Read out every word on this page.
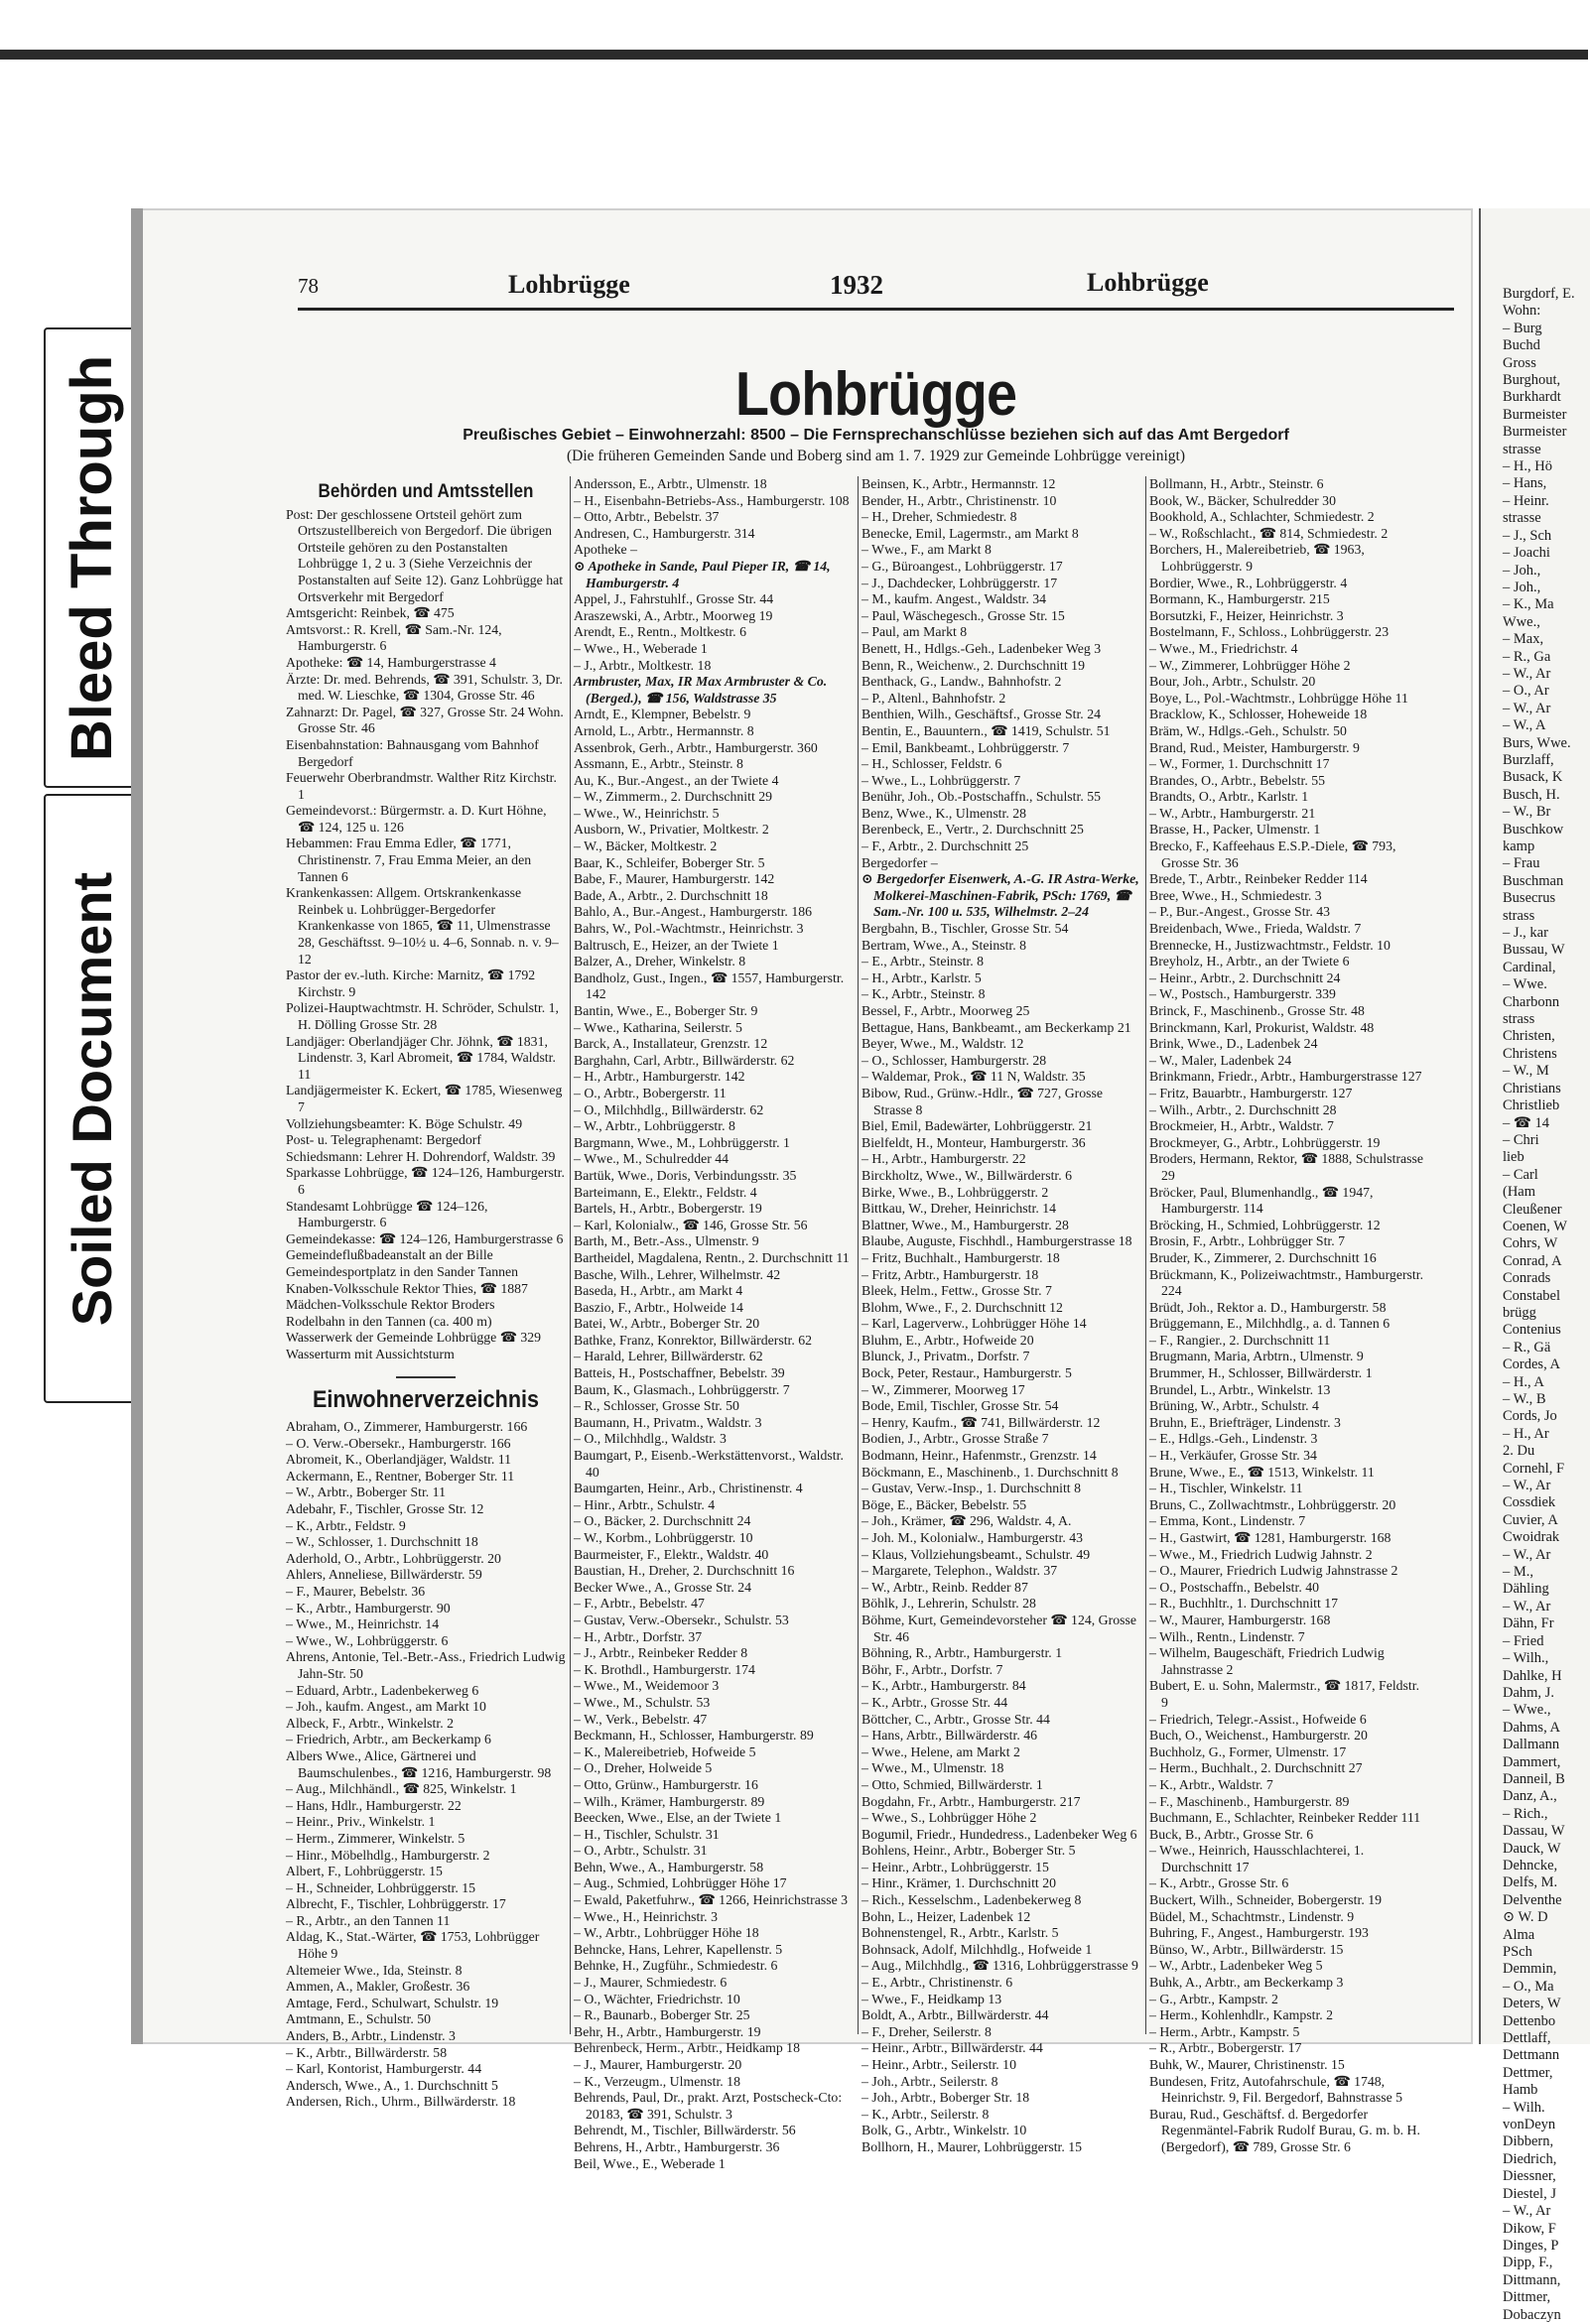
Bleed Through
Soiled Document
Burgdorf, E.
Wohn:
– Burg
Buchd
Gross
Burghout,
Burkhardt
Burmeister
Burmeister
strasse
– H., Hö
– Hans,
– Heinr.
strasse
– J., Sch
– Joachi
– Joh.,
– Joh.,
– K., Ma
Wwe.,
– Max,
– R., Ga
– W., Ar
– O., Ar
– W., Ar
– W., A
Burs, Wwe.
Burzlaff,
Busack, K
Busch, H.
– W., Br
Buschkow
kamp
– Frau
Buschman
Busecrus
strass
– J., kar
Bussau, W
Cardinal,
– Wwe.
Charbonn
strass
Christen,
Christens
– W., M
Christians
Christlieb
– ☎ 14
– Chri
lieb
– Carl
(Ham
Cleußener
Coenen, W
Cohrs, W
Conrad, A
Conrads
Constabel
brügg
Contenius
– R., Gä
Cordes, A
– H., A
– W., B
Cords, Jo
– H., Ar
2. Du
Cornehl, F
– W., Ar
Cossdiek
Cuvier, A
Cwoidrak
– W., Ar
– M.,
Dähling
– W., Ar
Dähn, Fr
– Fried
– Wilh.,
Dahlke, H
Dahm, J.
– Wwe.,
Dahms, A
Dallmann
Dammert,
Danneil, B
Danz, A.,
– Rich.,
Dassau, W
Dauck, W
Dehncke,
Delfs, M.
Delventhe
⊙ W. D
Alma
PSch
Demmin,
– O., Ma
Deters, W
Dettenbo
Dettlaff,
Dettmann
Dettmer,
Hamb
– Wilh.
vonDeyn
Dibbern,
Diedrich,
Diessner,
Diestel, J
– W., Ar
Dikow, F
Dinges, P
Dipp, F.,
Dittmann,
Dittmer,
Dobaczyn
78	Lohbrügge	1932	Lohbrügge
Lohbrügge
Preußisches Gebiet – Einwohnerzahl: 8500 – Die Fernsprechanschlüsse beziehen sich auf das Amt Bergedorf
(Die früheren Gemeinden Sande und Boberg sind am 1. 7. 1929 zur Gemeinde Lohbrügge vereinigt)
Behörden und Amtsstellen

Post: Der geschlossene Ortsteil gehört zum Ortszustellbereich von Bergedorf. Die übrigen Ortsteile gehören zu den Postanstalten Lohbrügge 1, 2 u. 3 (Siehe Verzeichnis der Postanstalten auf Seite 12). Ganz Lohbrügge hat Ortsverkehr mit Bergedorf

Amtsgericht: Reinbek, ☎ 475

Amtsvorst.: R. Krell, ☎ Sam.-Nr. 124, Hamburgerstr. 6

Apotheke: ☎ 14, Hamburgerstrasse 4

Ärzte: Dr. med. Behrends, ☎ 391, Schulstr. 3, Dr. med. W. Lieschke, ☎ 1304, Grosse Str. 46

Zahnarzt: Dr. Pagel, ☎ 327, Grosse Str. 24 Wohn. Grosse Str. 46

Eisenbahnstation: Bahnausgang vom Bahnhof Bergedorf

Feuerwehr Oberbrandmstr. Walther Ritz Kirchstr. 1

Gemeindevorst.: Bürgermstr. a. D. Kurt Höhne, ☎ 124, 125 u. 126

Hebammen: Frau Emma Edler, ☎ 1771, Christinenstr. 7, Frau Emma Meier, an den Tannen 6

Krankenkassen: Allgem. Ortskrankenkasse Reinbek u. Lohbrügger-Bergedorfer Krankenkasse von 1865, ☎ 11, Ulmenstrasse 28, Geschäftsst. 9–10½ u. 4–6, Sonnab. n. v. 9–12

Pastor der ev.-luth. Kirche: Marnitz, ☎ 1792 Kirchstr. 9

Polizei-Hauptwachtmstr. H. Schröder, Schulstr. 1, H. Dölling Grosse Str. 28

Landjäger: Oberlandjäger Chr. Jöhnk, ☎ 1831, Lindenstr. 3, Karl Abromeit, ☎ 1784, Waldstr. 11

Landjägermeister K. Eckert, ☎ 1785, Wiesenweg 7

Vollziehungsbeamter: K. Böge Schulstr. 49

Post- u. Telegraphenamt: Bergedorf

Schiedsmann: Lehrer H. Dohrendorf, Waldstr. 39

Sparkasse Lohbrügge, ☎ 124–126, Hamburgerstr. 6

Standesamt Lohbrügge ☎ 124–126, Hamburgerstr. 6

Gemeindekasse: ☎ 124–126, Hamburgerstrasse 6

Gemeindeflußbadeanstalt an der Bille

Gemeindesportplatz in den Sander Tannen

Knaben-Volksschule Rektor Thies, ☎ 1887

Mädchen-Volksschule Rektor Broders

Rodelbahn in den Tannen (ca. 400 m)

Wasserwerk der Gemeinde Lohbrügge ☎ 329

Wasserturm mit Aussichtsturm

Einwohnerverzeichnis

Abraham, O., Zimmerer, Hamburgerstr. 166

– O. Verw.-Obersekr., Hamburgerstr. 166

Abromeit, K., Oberlandjäger, Waldstr. 11

Ackermann, E., Rentner, Boberger Str. 11

– W., Arbtr., Boberger Str. 11

Adebahr, F., Tischler, Grosse Str. 12

– K., Arbtr., Feldstr. 9

– W., Schlosser, 1. Durchschnitt 18

Aderhold, O., Arbtr., Lohbrüggerstr. 20

Ahlers, Anneliese, Billwärderstr. 59

– F., Maurer, Bebelstr. 36

– K., Arbtr., Hamburgerstr. 90

– Wwe., M., Heinrichstr. 14

– Wwe., W., Lohbrüggerstr. 6

Ahrens, Antonie, Tel.-Betr.-Ass., Friedrich Ludwig Jahn-Str. 50

– Eduard, Arbtr., Ladenbekerweg 6

– Joh., kaufm. Angest., am Markt 10

Albeck, F., Arbtr., Winkelstr. 2

– Friedrich, Arbtr., am Beckerkamp 6

Albers Wwe., Alice, Gärtnerei und Baumschulenbes., ☎ 1216, Hamburgerstr. 98

– Aug., Milchhändl., ☎ 825, Winkelstr. 1

– Hans, Hdlr., Hamburgerstr. 22

– Heinr., Priv., Winkelstr. 1

– Herm., Zimmerer, Winkelstr. 5

– Hinr., Möbelhdlg., Hamburgerstr. 2

Albert, F., Lohbrüggerstr. 15

– H., Schneider, Lohbrüggerstr. 15

Albrecht, F., Tischler, Lohbrüggerstr. 17

– R., Arbtr., an den Tannen 11

Aldag, K., Stat.-Wärter, ☎ 1753, Lohbrügger Höhe 9

Altemeier Wwe., Ida, Steinstr. 8

Ammen, A., Makler, Großestr. 36

Amtage, Ferd., Schulwart, Schulstr. 19

Amtmann, E., Schulstr. 50

Anders, B., Arbtr., Lindenstr. 3

– K., Arbtr., Billwärderstr. 58

– Karl, Kontorist, Hamburgerstr. 44

Andersch, Wwe., A., 1. Durchschnitt 5

Andersen, Rich., Uhrm., Billwärderstr. 18

Andersson, E., Arbtr., Ulmenstr. 18

– H., Eisenbahn-Betriebs-Ass., Hamburgerstr. 108

– Otto, Arbtr., Bebelstr. 37

Andresen, C., Hamburgerstr. 314

Apotheke –

⊙ Apotheke in Sande, Paul Pieper IR, ☎ 14, Hamburgerstr. 4

Appel, J., Fahrstuhlf., Grosse Str. 44

Araszewski, A., Arbtr., Moorweg 19

Arendt, E., Rentn., Moltkestr. 6

– Wwe., H., Weberade 1

– J., Arbtr., Moltkestr. 18

Armbruster, Max, IR Max Armbruster & Co. (Berged.), ☎ 156, Waldstrasse 35

Arndt, E., Klempner, Bebelstr. 9

Arnold, L., Arbtr., Hermannstr. 8

Assenbrok, Gerh., Arbtr., Hamburgerstr. 360

Assmann, E., Arbtr., Steinstr. 8

Au, K., Bur.-Angest., an der Twiete 4

– W., Zimmerm., 2. Durchschnitt 29

– Wwe., W., Heinrichstr. 5

Ausborn, W., Privatier, Moltkestr. 2

– W., Bäcker, Moltkestr. 2

Baar, K., Schleifer, Boberger Str. 5

Babe, F., Maurer, Hamburgerstr. 142

Bade, A., Arbtr., 2. Durchschnitt 18

Bahlo, A., Bur.-Angest., Hamburgerstr. 186

Bahrs, W., Pol.-Wachtmstr., Heinrichstr. 3

Baltrusch, E., Heizer, an der Twiete 1

Balzer, A., Dreher, Winkelstr. 8

Bandholz, Gust., Ingen., ☎ 1557, Hamburgerstr. 142

Bantin, Wwe., E., Boberger Str. 9

– Wwe., Katharina, Seilerstr. 5

Barck, A., Installateur, Grenzstr. 12

Barghahn, Carl, Arbtr., Billwärderstr. 62

– H., Arbtr., Hamburgerstr. 142

– O., Arbtr., Bobergerstr. 11

– O., Milchhdlg., Billwärderstr. 62

– W., Arbtr., Lohbrüggerstr. 8

Bargmann, Wwe., M., Lohbrüggerstr. 1

– Wwe., M., Schulredder 44

Bartük, Wwe., Doris, Verbindungsstr. 35

Barteimann, E., Elektr., Feldstr. 4

Bartels, H., Arbtr., Bobergerstr. 19

– Karl, Kolonialw., ☎ 146, Grosse Str. 56

Barth, M., Betr.-Ass., Ulmenstr. 9

Bartheidel, Magdalena, Rentn., 2. Durchschnitt 11

Basche, Wilh., Lehrer, Wilhelmstr. 42

Baseda, H., Arbtr., am Markt 4

Baszio, F., Arbtr., Holweide 14

Batei, W., Arbtr., Boberger Str. 20

Bathke, Franz, Konrektor, Billwärderstr. 62

– Harald, Lehrer, Billwärderstr. 62

Batteis, H., Postschaffner, Bebelstr. 39

Baum, K., Glasmach., Lohbrüggerstr. 7

– R., Schlosser, Grosse Str. 50

Baumann, H., Privatm., Waldstr. 3

– O., Milchhdlg., Waldstr. 3

Baumgart, P., Eisenb.-Werkstättenvorst., Waldstr. 40

Baumgarten, Heinr., Arb., Christinenstr. 4

– Hinr., Arbtr., Schulstr. 4

– O., Bäcker, 2. Durchschnitt 24

– W., Korbm., Lohbrüggerstr. 10

Baurmeister, F., Elektr., Waldstr. 40

Baustian, H., Dreher, 2. Durchschnitt 16

Becker Wwe., A., Grosse Str. 24

– F., Arbtr., Bebelstr. 47

– Gustav, Verw.-Obersekr., Schulstr. 53

– H., Arbtr., Dorfstr. 37

– J., Arbtr., Reinbeker Redder 8

– K. Brothdl., Hamburgerstr. 174

– Wwe., M., Weidemoor 3

– Wwe., M., Schulstr. 53

– W., Verk., Bebelstr. 47

Beckmann, H., Schlosser, Hamburgerstr. 89

– K., Malereibetrieb, Hofweide 5

– O., Dreher, Holweide 5

– Otto, Grünw., Hamburgerstr. 16

– Wilh., Krämer, Hamburgerstr. 89

Beecken, Wwe., Else, an der Twiete 1

– H., Tischler, Schulstr. 31

– O., Arbtr., Schulstr. 31

Behn, Wwe., A., Hamburgerstr. 58

– Aug., Schmied, Lohbrügger Höhe 17

– Ewald, Paketfuhrw., ☎ 1266, Heinrichstrasse 3

– Wwe., H., Heinrichstr. 3

– W., Arbtr., Lohbrügger Höhe 18

Behncke, Hans, Lehrer, Kapellenstr. 5

Behnke, H., Zugführ., Schmiedestr. 6

– J., Maurer, Schmiedestr. 6

– O., Wächter, Friedrichstr. 10

– R., Baunarb., Boberger Str. 25

Behr, H., Arbtr., Hamburgerstr. 19

Behrenbeck, Herm., Arbtr., Heidkamp 18

– J., Maurer, Hamburgerstr. 20

– K., Verzeugm., Ulmenstr. 18

Behrends, Paul, Dr., prakt. Arzt, Postscheck-Cto: 20183, ☎ 391, Schulstr. 3

Behrendt, M., Tischler, Billwärderstr. 56

Behrens, H., Arbtr., Hamburgerstr. 36

Beil, Wwe., E., Weberade 1

Beinsen, K., Arbtr., Hermannstr. 12

Bender, H., Arbtr., Christinenstr. 10

– H., Dreher, Schmiedestr. 8

Benecke, Emil, Lagermstr., am Markt 8

– Wwe., F., am Markt 8

– G., Büroangest., Lohbrüggerstr. 17

– J., Dachdecker, Lohbrüggerstr. 17

– M., kaufm. Angest., Waldstr. 34

– Paul, Wäschegesch., Grosse Str. 15

– Paul, am Markt 8

Benett, H., Hdlgs.-Geh., Ladenbeker Weg 3

Benn, R., Weichenw., 2. Durchschnitt 19

Benthack, G., Landw., Bahnhofstr. 2

– P., Altenl., Bahnhofstr. 2

Benthien, Wilh., Geschäftsf., Grosse Str. 24

Bentin, E., Bauuntern., ☎ 1419, Schulstr. 51

– Emil, Bankbeamt., Lohbrüggerstr. 7

– H., Schlosser, Feldstr. 6

– Wwe., L., Lohbrüggerstr. 7

Benühr, Joh., Ob.-Postschaffn., Schulstr. 55

Benz, Wwe., K., Ulmenstr. 28

Berenbeck, E., Vertr., 2. Durchschnitt 25

– F., Arbtr., 2. Durchschnitt 25

Bergedorfer –

⊙ Bergedorfer Eisenwerk, A.-G. IR Astra-Werke, Molkerei-Maschinen-Fabrik, PSch: 1769, ☎ Sam.-Nr. 100 u. 535, Wilhelmstr. 2–24

Bergbahn, B., Tischler, Grosse Str. 54

Bertram, Wwe., A., Steinstr. 8

– E., Arbtr., Steinstr. 8

– H., Arbtr., Karlstr. 5

– K., Arbtr., Steinstr. 8

Bessel, F., Arbtr., Moorweg 25

Bettague, Hans, Bankbeamt., am Beckerkamp 21

Beyer, Wwe., M., Waldstr. 12

– O., Schlosser, Hamburgerstr. 28

– Waldemar, Prok., ☎ 11 N, Waldstr. 35

Bibow, Rud., Grünw.-Hdlr., ☎ 727, Grosse Strasse 8

Biel, Emil, Badewärter, Lohbrüggerstr. 21

Bielfeldt, H., Monteur, Hamburgerstr. 36

– H., Arbtr., Hamburgerstr. 22

Birckholtz, Wwe., W., Billwärderstr. 6

Birke, Wwe., B., Lohbrüggerstr. 2

Bittkau, W., Dreher, Heinrichstr. 14

Blattner, Wwe., M., Hamburgerstr. 28

Blaube, Auguste, Fischhdl., Hamburgerstrasse 18

– Fritz, Buchhalt., Hamburgerstr. 18

– Fritz, Arbtr., Hamburgerstr. 18

Bleek, Helm., Fettw., Grosse Str. 7

Blohm, Wwe., F., 2. Durchschnitt 12

– Karl, Lagerverw., Lohbrügger Höhe 14

Bluhm, E., Arbtr., Hofweide 20

Blunck, J., Privatm., Dorfstr. 7

Bock, Peter, Restaur., Hamburgerstr. 5

– W., Zimmerer, Moorweg 17

Bode, Emil, Tischler, Grosse Str. 54

– Henry, Kaufm., ☎ 741, Billwärderstr. 12

Bodien, J., Arbtr., Grosse Straße 7

Bodmann, Heinr., Hafenmstr., Grenzstr. 14

Böckmann, E., Maschinenb., 1. Durchschnitt 8

– Gustav, Verw.-Insp., 1. Durchschnitt 8

Böge, E., Bäcker, Bebelstr. 55

– Joh., Krämer, ☎ 296, Waldstr. 4, A.

– Joh. M., Kolonialw., Hamburgerstr. 43

– Klaus, Vollziehungsbeamt., Schulstr. 49

– Margarete, Telephon., Waldstr. 37

– W., Arbtr., Reinb. Redder 87

Böhlk, J., Lehrerin, Schulstr. 28

Böhme, Kurt, Gemeindevorsteher ☎ 124, Grosse Str. 46

Böhning, R., Arbtr., Hamburgerstr. 1

Böhr, F., Arbtr., Dorfstr. 7

– K., Arbtr., Hamburgerstr. 84

– K., Arbtr., Grosse Str. 44

Böttcher, C., Arbtr., Grosse Str. 44

– Hans, Arbtr., Billwärderstr. 46

– Wwe., Helene, am Markt 2

– Wwe., M., Ulmenstr. 18

– Otto, Schmied, Billwärderstr. 1

Bogdahn, Fr., Arbtr., Hamburgerstr. 217

– Wwe., S., Lohbrügger Höhe 2

Bogumil, Friedr., Hundedress., Ladenbeker Weg 6

Bohlens, Heinr., Arbtr., Boberger Str. 5

– Heinr., Arbtr., Lohbrüggerstr. 15

– Hinr., Krämer, 1. Durchschnitt 20

– Rich., Kesselschm., Ladenbekerweg 8

Bohn, L., Heizer, Ladenbek 12

Bohnenstengel, R., Arbtr., Karlstr. 5

Bohnsack, Adolf, Milchhdlg., Hofweide 1

– Aug., Milchhdlg., ☎ 1316, Lohbrüggerstrasse 9

– E., Arbtr., Christinenstr. 6

– Wwe., F., Heidkamp 13

Boldt, A., Arbtr., Billwärderstr. 44

– F., Dreher, Seilerstr. 8

– Heinr., Arbtr., Billwärderstr. 44

– Heinr., Arbtr., Seilerstr. 10

– Joh., Arbtr., Seilerstr. 8

– Joh., Arbtr., Boberger Str. 18

– K., Arbtr., Seilerstr. 8

Bolk, G., Arbtr., Winkelstr. 10

Bollhorn, H., Maurer, Lohbrüggerstr. 15

Bollmann, H., Arbtr., Steinstr. 6

Book, W., Bäcker, Schulredder 30

Bookhold, A., Schlachter, Schmiedestr. 2

– W., Roßschlacht., ☎ 814, Schmiedestr. 2

Borchers, H., Malereibetrieb, ☎ 1963, Lohbrüggerstr. 9

Bordier, Wwe., R., Lohbrüggerstr. 4

Bormann, K., Hamburgerstr. 215

Borsutzki, F., Heizer, Heinrichstr. 3

Bostelmann, F., Schloss., Lohbrüggerstr. 23

– Wwe., M., Friedrichstr. 4

– W., Zimmerer, Lohbrügger Höhe 2

Bour, Joh., Arbtr., Schulstr. 20

Boye, L., Pol.-Wachtmstr., Lohbrügge Höhe 11

Bracklow, K., Schlosser, Hoheweide 18

Bräm, W., Hdlgs.-Geh., Schulstr. 50

Brand, Rud., Meister, Hamburgerstr. 9

– W., Former, 1. Durchschnitt 17

Brandes, O., Arbtr., Bebelstr. 55

Brandts, O., Arbtr., Karlstr. 1

– W., Arbtr., Hamburgerstr. 21

Brasse, H., Packer, Ulmenstr. 1

Brecko, F., Kaffeehaus E.S.P.-Diele, ☎ 793, Grosse Str. 36

Brede, T., Arbtr., Reinbeker Redder 114

Bree, Wwe., H., Schmiedestr. 3

– P., Bur.-Angest., Grosse Str. 43

Breidenbach, Wwe., Frieda, Waldstr. 7

Brennecke, H., Justizwachtmstr., Feldstr. 10

Breyholz, H., Arbtr., an der Twiete 6

– Heinr., Arbtr., 2. Durchschnitt 24

– W., Postsch., Hamburgerstr. 339

Brinck, F., Maschinenb., Grosse Str. 48

Brinckmann, Karl, Prokurist, Waldstr. 48

Brink, Wwe., D., Ladenbek 24

– W., Maler, Ladenbek 24

Brinkmann, Friedr., Arbtr., Hamburgerstrasse 127

– Fritz, Bauarbtr., Hamburgerstr. 127

– Wilh., Arbtr., 2. Durchschnitt 28

Brockmeier, H., Arbtr., Waldstr. 7

Brockmeyer, G., Arbtr., Lohbrüggerstr. 19

Broders, Hermann, Rektor, ☎ 1888, Schulstrasse 29

Bröcker, Paul, Blumenhandlg., ☎ 1947, Hamburgerstr. 114

Bröcking, H., Schmied, Lohbrüggerstr. 12

Brosin, F., Arbtr., Lohbrügger Str. 7

Bruder, K., Zimmerer, 2. Durchschnitt 16

Brückmann, K., Polizeiwachtmstr., Hamburgerstr. 224

Brüdt, Joh., Rektor a. D., Hamburgerstr. 58

Brüggemann, E., Milchhdlg., a. d. Tannen 6

– F., Rangier., 2. Durchschnitt 11

Brugmann, Maria, Arbtrn., Ulmenstr. 9

Brummer, H., Schlosser, Billwärderstr. 1

Brundel, L., Arbtr., Winkelstr. 13

Brüning, W., Arbtr., Schulstr. 4

Bruhn, E., Briefträger, Lindenstr. 3

– E., Hdlgs.-Geh., Lindenstr. 3

– H., Verkäufer, Grosse Str. 34

Brune, Wwe., E., ☎ 1513, Winkelstr. 11

– H., Tischler, Winkelstr. 11

Bruns, C., Zollwachtmstr., Lohbrüggerstr. 20

– Emma, Kont., Lindenstr. 7

– H., Gastwirt, ☎ 1281, Hamburgerstr. 168

– Wwe., M., Friedrich Ludwig Jahnstr. 2

– O., Maurer, Friedrich Ludwig Jahnstrasse 2

– O., Postschaffn., Bebelstr. 40

– R., Buchhltr., 1. Durchschnitt 17

– W., Maurer, Hamburgerstr. 168

– Wilh., Rentn., Lindenstr. 7

– Wilhelm, Baugeschäft, Friedrich Ludwig Jahnstrasse 2

Bubert, E. u. Sohn, Malermstr., ☎ 1817, Feldstr. 9

– Friedrich, Telegr.-Assist., Hofweide 6

Buch, O., Weichenst., Hamburgerstr. 20

Buchholz, G., Former, Ulmenstr. 17

– Herm., Buchhalt., 2. Durchschnitt 27

– K., Arbtr., Waldstr. 7

– F., Maschinenb., Hamburgerstr. 89

Buchmann, E., Schlachter, Reinbeker Redder 111

Buck, B., Arbtr., Grosse Str. 6

– Wwe., Heinrich, Hausschlachterei, 1. Durchschnitt 17

– K., Arbtr., Grosse Str. 6

Buckert, Wilh., Schneider, Bobergerstr. 19

Büdel, M., Schachtmstr., Lindenstr. 9

Buhring, F., Angest., Hamburgerstr. 193

Bünso, W., Arbtr., Billwärderstr. 15

– W., Arbtr., Ladenbeker Weg 5

Buhk, A., Arbtr., am Beckerkamp 3

– G., Arbtr., Kampstr. 2

– Herm., Kohlenhdlr., Kampstr. 2

– Herm., Arbtr., Kampstr. 5

– R., Arbtr., Bobergerstr. 17

Buhk, W., Maurer, Christinenstr. 15

Bundesen, Fritz, Autofahrschule, ☎ 1748, Heinrichstr. 9, Fil. Bergedorf, Bahnstrasse 5

Burau, Rud., Geschäftsf. d. Bergedorfer Regenmäntel-Fabrik Rudolf Burau, G. m. b. H. (Bergedorf), ☎ 789, Grosse Str. 6
